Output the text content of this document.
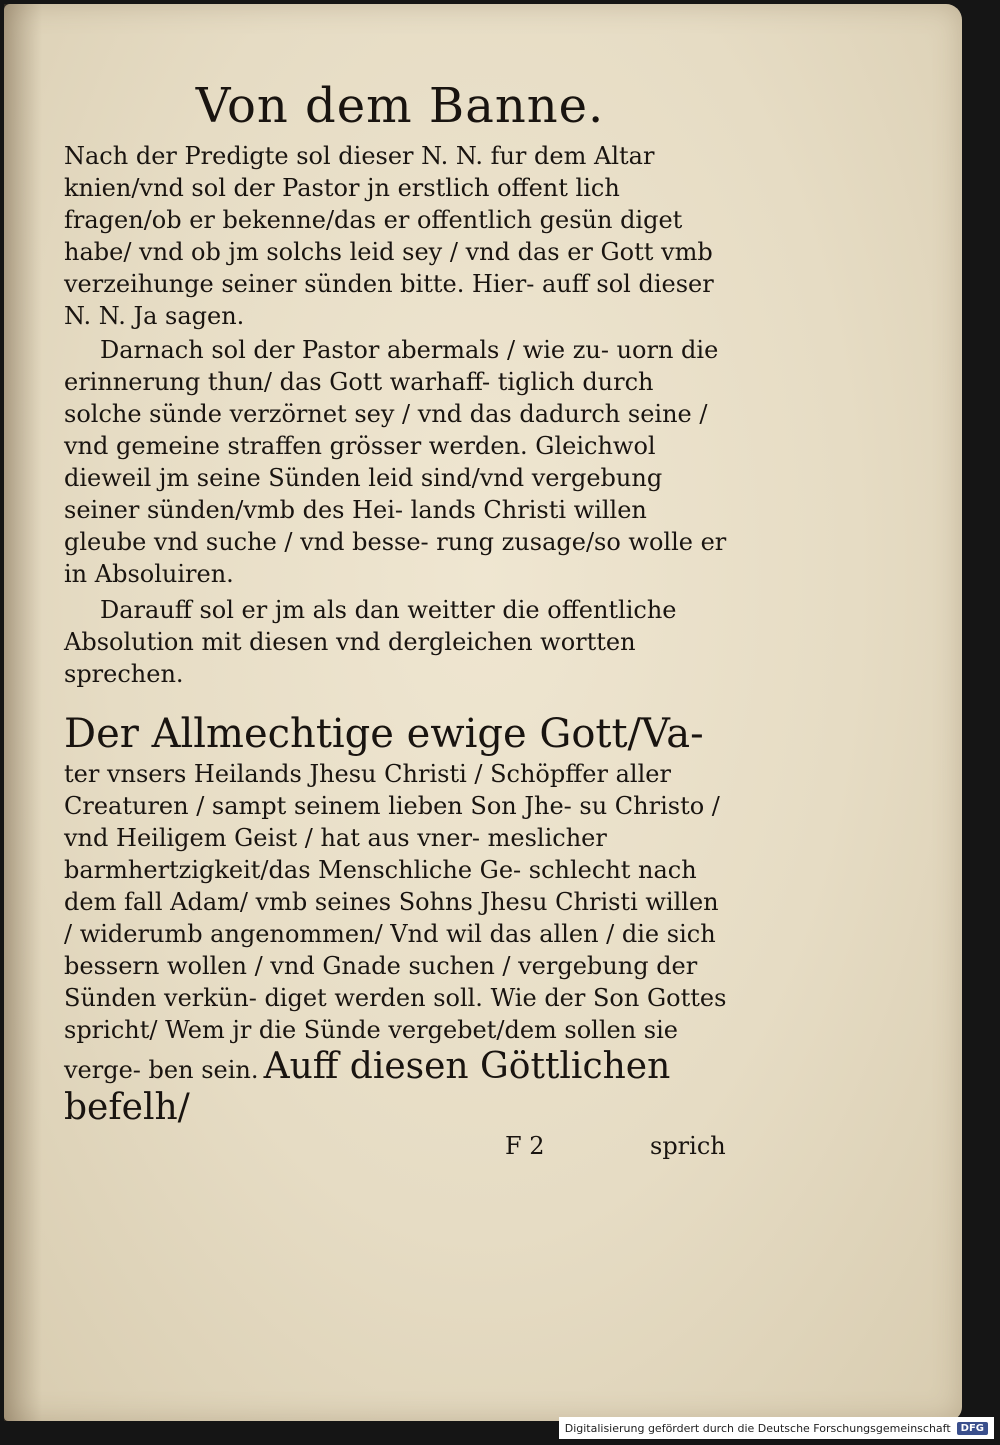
Von dem Banne.

Nach der Predigte sol dieser N. N. fur dem Altar knien/vnd sol der Pastor jn erstlich offent lich fragen/ob er bekenne/das er offentlich gesün diget habe/ vnd ob jm solchs leid sey / vnd das er Gott vmb verzeihunge seiner sünden bitte. Hier- auff sol dieser N. N. Ja sagen.

Darnach sol der Pastor abermals / wie zu- uorn die erinnerung thun/ das Gott warhaff- tiglich durch solche sünde verzörnet sey / vnd das dadurch seine / vnd gemeine straffen grösser werden. Gleichwol dieweil jm seine Sünden leid sind/vnd vergebung seiner sünden/vmb des Hei- lands Christi willen gleube vnd suche / vnd besse- rung zusage/so wolle er in Absoluiren.

Darauff sol er jm als dan weitter die offentliche Absolution mit diesen vnd dergleichen wortten sprechen.

Der Allmechtige ewige Gott/Va-
ter vnsers Heilands Jhesu Christi / Schöpffer aller Creaturen / sampt seinem lieben Son Jhe- su Christo / vnd Heiligem Geist / hat aus vner- meslicher barmhertzigkeit/das Menschliche Ge- schlecht nach dem fall Adam/ vmb seines Sohns Jhesu Christi willen / widerumb angenommen/ Vnd wil das allen / die sich bessern wollen / vnd Gnade suchen / vergebung der Sünden verkün- diget werden soll. Wie der Son Gottes spricht/ Wem jr die Sünde vergebet/dem sollen sie verge- ben sein. Auff diesen Göttlichen befelh/
F 2	sprich
Digitalisierung gefördert durch die Deutsche Forschungsgemeinschaft	DFG
